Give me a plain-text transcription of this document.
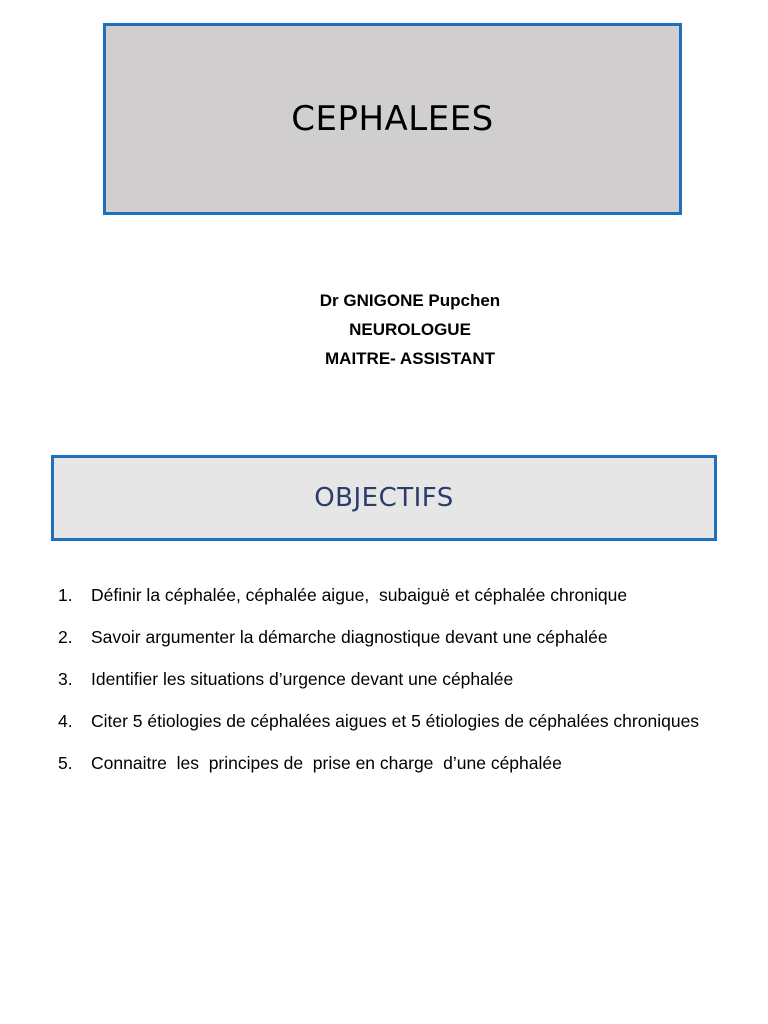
CEPHALEES
Dr GNIGONE Pupchen
NEUROLOGUE
MAITRE- ASSISTANT
OBJECTIFS
1.	Définir la céphalée, céphalée aigue,  subaiguë et céphalée chronique
2.	Savoir argumenter la démarche diagnostique devant une céphalée
3.	Identifier les situations d’urgence devant une céphalée
4.	Citer 5 étiologies de céphalées aigues et 5 étiologies de céphalées chroniques
5.	Connaitre  les  principes de  prise en charge  d’une céphalée
